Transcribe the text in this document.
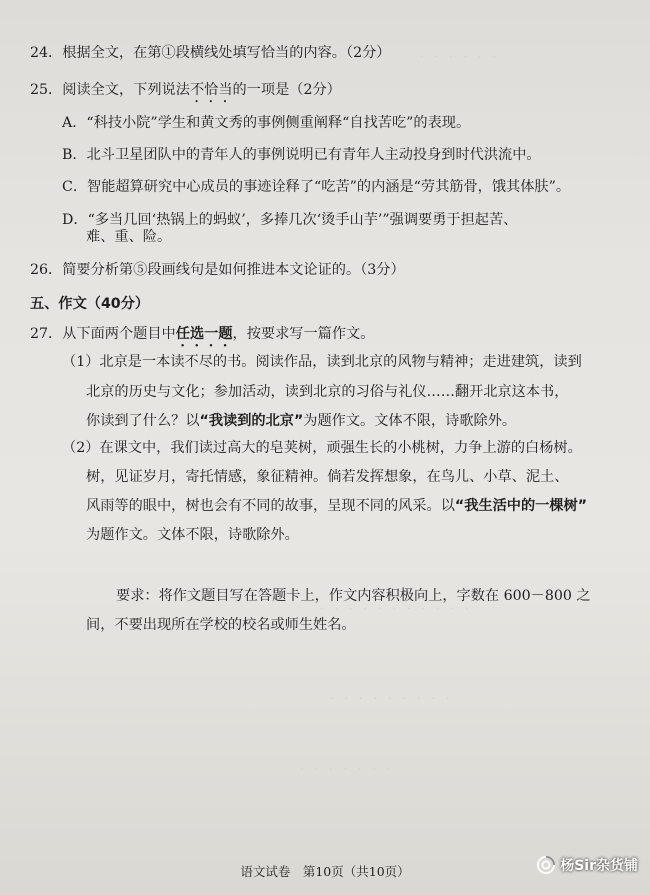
·　·　·　·　·　·
·　·　·　·　·　·　·　·　·　·　·
·　·　·　·　·　·　·　·　·
·　·　·　·　·　·　·
24．根据全文，在第①段横线处填写恰当的内容。（2分）
25．阅读全文，下列说法不恰当的一项是（2分）
A．“科技小院”学生和黄文秀的事例侧重阐释“自找苦吃”的表现。
B．北斗卫星团队中的青年人的事例说明已有青年人主动投身到时代洪流中。
C．智能超算研究中心成员的事迹诠释了“吃苦”的内涵是“劳其筋骨，饿其体肤”。
D．“多当几回‘热锅上的蚂蚁’，多捧几次‘烫手山芋’”强调要勇于担起苦、
难、重、险。
26．简要分析第⑤段画线句是如何推进本文论证的。（3分）
五、作文（40分）
27．从下面两个题目中任选一题，按要求写一篇作文。
（1）北京是一本读不尽的书。阅读作品，读到北京的风物与精神；走进建筑，读到
北京的历史与文化；参加活动，读到北京的习俗与礼仪……翻开北京这本书，
你读到了什么？以“我读到的北京”为题作文。文体不限，诗歌除外。
（2）在课文中，我们读过高大的皂荚树，顽强生长的小桃树，力争上游的白杨树。
树，见证岁月，寄托情感，象征精神。倘若发挥想象，在鸟儿、小草、泥土、
风雨等的眼中，树也会有不同的故事，呈现不同的风采。以“我生活中的一棵树”
为题作文。文体不限，诗歌除外。
要求：将作文题目写在答题卡上，作文内容积极向上，字数在 600－800 之
间，不要出现所在学校的校名或师生姓名。
语文试卷　第10页（共10页）	杨Sir杂货铺
